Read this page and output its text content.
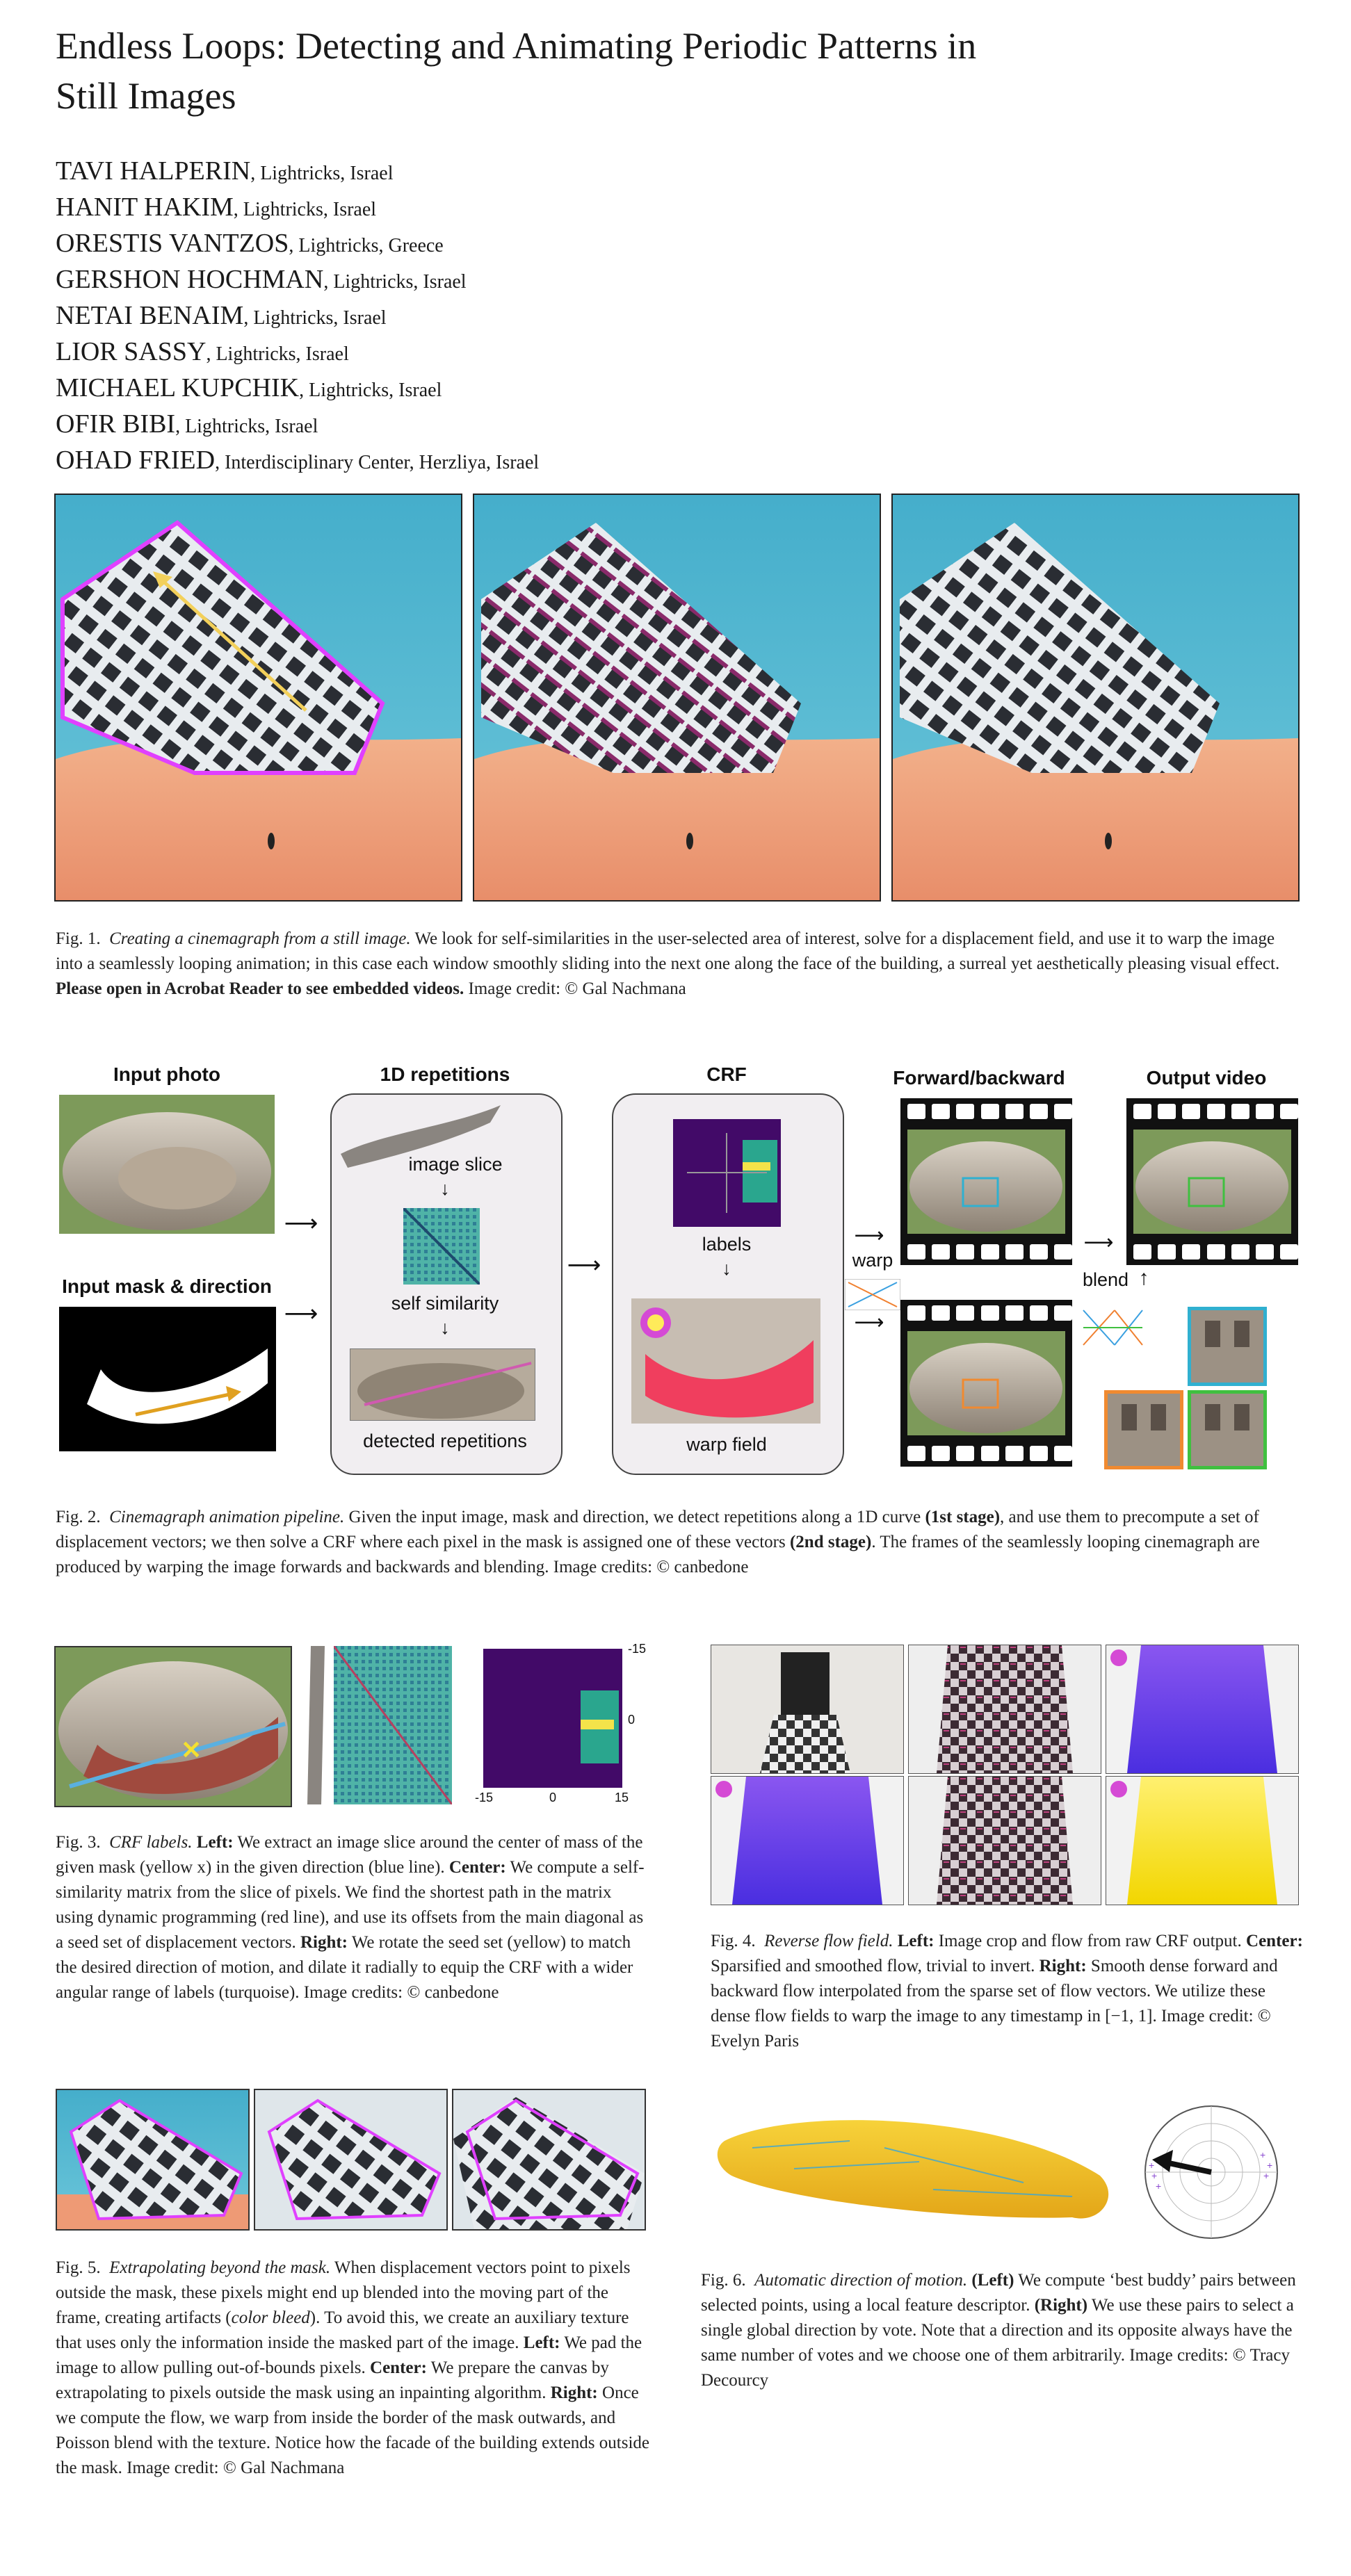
Endless Loops: Detecting and Animating Periodic Patterns in
Still Images
TAVI HALPERIN, Lightricks, Israel
HANIT HAKIM, Lightricks, Israel
ORESTIS VANTZOS, Lightricks, Greece
GERSHON HOCHMAN, Lightricks, Israel
NETAI BENAIM, Lightricks, Israel
LIOR SASSY, Lightricks, Israel
MICHAEL KUPCHIK, Lightricks, Israel
OFIR BIBI, Lightricks, Israel
OHAD FRIED, Interdisciplinary Center, Herzliya, Israel
Fig. 1. Creating a cinemagraph from a still image. We look for self-similarities in the user-selected area of interest, solve for a displacement field, and use it to warp the image into a seamlessly looping animation; in this case each window smoothly sliding into the next one along the face of the building, a surreal yet aesthetically pleasing visual effect. Please open in Acrobat Reader to see embedded videos. Image credit: © Gal Nachmana
Input photo
Input mask & direction
⟶
⟶
1D repetitions
image slice
↓
self similarity
↓
detected repetitions
⟶
CRF
labels
↓
warp field
⟶
warp
⟶
Forward/backward
⟶
blend ↑
Output video
Fig. 2. Cinemagraph animation pipeline. Given the input image, mask and direction, we detect repetitions along a 1D curve (1st stage), and use them to precompute a set of displacement vectors; we then solve a CRF where each pixel in the mask is assigned one of these vectors (2nd stage). The frames of the seamlessly looping cinemagraph are produced by warping the image forwards and backwards and blending. Image credits: © canbedone
✕
-15
0
-15	0	15
Fig. 3. CRF labels. Left: We extract an image slice around the center of mass of the given mask (yellow x) in the given direction (blue line). Center: We compute a self-similarity matrix from the slice of pixels. We find the shortest path in the matrix using dynamic programming (red line), and use its offsets from the main diagonal as a seed set of displacement vectors. Right: We rotate the seed set (yellow) to match the desired direction of motion, and dilate it radially to equip the CRF with a wider angular range of labels (turquoise). Image credits: © canbedone
Fig. 4. Reverse flow field. Left: Image crop and flow from raw CRF output. Center: Sparsified and smoothed flow, trivial to invert. Right: Smooth dense forward and backward flow interpolated from the sparse set of flow vectors. We utilize these dense flow fields to warp the image to any timestamp in [−1, 1]. Image credit: © Evelyn Paris
Fig. 5. Extrapolating beyond the mask. When displacement vectors point to pixels outside the mask, these pixels might end up blended into the moving part of the frame, creating artifacts (color bleed). To avoid this, we create an auxiliary texture that uses only the information inside the masked part of the image. Left: We pad the image to allow pulling out-of-bounds pixels. Center: We prepare the canvas by extrapolating to pixels outside the mask using an inpainting algorithm. Right: Once we compute the flow, we warp from inside the border of the mask outwards, and Poisson blend with the texture. Notice how the facade of the building extends outside the mask. Image credit: © Gal Nachmana
+
+	+
+
+
+
Fig. 6. Automatic direction of motion. (Left) We compute ‘best buddy’ pairs between selected points, using a local feature descriptor. (Right) We use these pairs to select a single global direction by vote. Note that a direction and its opposite always have the same number of votes and we choose one of them arbitrarily. Image credits: © Tracy Decourcy
